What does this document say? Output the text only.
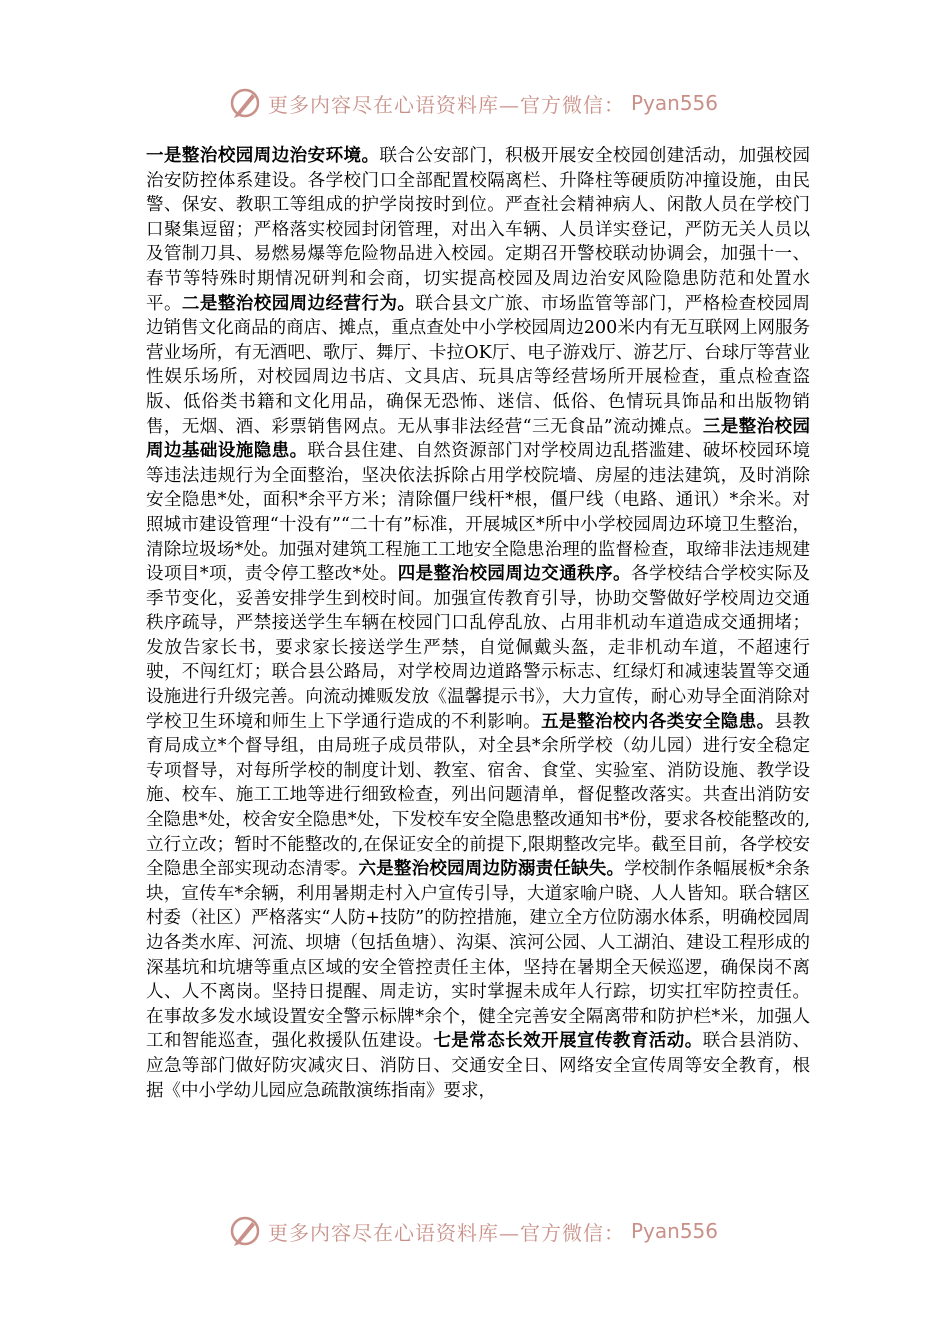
更多内容尽在心语资料库—官方微信： Pyan556

一是整治校园周边治安环境。联合公安部门，积极开展安全校园创建活动，加强校园治安防控体系建设。各学校门口全部配置校隔离栏、升降柱等硬质防冲撞设施，由民警、保安、教职工等组成的护学岗按时到位。严查社会精神病人、闲散人员在学校门口聚集逗留；严格落实校园封闭管理，对出入车辆、人员详实登记，严防无关人员以及管制刀具、易燃易爆等危险物品进入校园。定期召开警校联动协调会，加强十一、春节等特殊时期情况研判和会商，切实提高校园及周边治安风险隐患防范和处置水平。二是整治校园周边经营行为。联合县文广旅、市场监管等部门，严格检查校园周边销售文化商品的商店、摊点，重点查处中小学校园周边200米内有无互联网上网服务营业场所，有无酒吧、歌厅、舞厅、卡拉OK厅、电子游戏厅、游艺厅、台球厅等营业性娱乐场所，对校园周边书店、文具店、玩具店等经营场所开展检查，重点检查盗版、低俗类书籍和文化用品，确保无恐怖、迷信、低俗、色情玩具饰品和出版物销售，无烟、酒、彩票销售网点。无从事非法经营“三无食品”流动摊点。三是整治校园周边基础设施隐患。联合县住建、自然资源部门对学校周边乱搭滥建、破坏校园环境等违法违规行为全面整治，坚决依法拆除占用学校院墙、房屋的违法建筑，及时消除安全隐患*处，面积*余平方米；清除僵尸线杆*根，僵尸线（电路、通讯）*余米。对照城市建设管理“十没有”“二十有”标准，开展城区*所中小学校园周边环境卫生整治，清除垃圾场*处。加强对建筑工程施工工地安全隐患治理的监督检查，取缔非法违规建设项目*项，责令停工整改*处。四是整治校园周边交通秩序。各学校结合学校实际及季节变化，妥善安排学生到校时间。加强宣传教育引导，协助交警做好学校周边交通秩序疏导，严禁接送学生车辆在校园门口乱停乱放、占用非机动车道造成交通拥堵；发放告家长书，要求家长接送学生严禁，自觉佩戴头盔，走非机动车道，不超速行驶，不闯红灯；联合县公路局，对学校周边道路警示标志、红绿灯和减速装置等交通设施进行升级完善。向流动摊贩发放《温馨提示书》，大力宣传，耐心劝导全面消除对学校卫生环境和师生上下学通行造成的不利影响。五是整治校内各类安全隐患。县教育局成立*个督导组，由局班子成员带队，对全县*余所学校（幼儿园）进行安全稳定专项督导，对每所学校的制度计划、教室、宿舍、食堂、实验室、消防设施、教学设施、校车、施工工地等进行细致检查，列出问题清单，督促整改落实。共查出消防安全隐患*处，校舍安全隐患*处，下发校车安全隐患整改通知书*份，要求各校能整改的,立行立改；暂时不能整改的,在保证安全的前提下,限期整改完毕。截至目前，各学校安全隐患全部实现动态清零。六是整治校园周边防溺责任缺失。学校制作条幅展板*余条块，宣传车*余辆，利用暑期走村入户宣传引导，大道家喻户晓、人人皆知。联合辖区村委（社区）严格落实“人防+技防”的防控措施，建立全方位防溺水体系，明确校园周边各类水库、河流、坝塘（包括鱼塘）、沟渠、滨河公园、人工湖泊、建设工程形成的深基坑和坑塘等重点区域的安全管控责任主体，坚持在暑期全天候巡逻，确保岗不离人、人不离岗。坚持日提醒、周走访，实时掌握未成年人行踪，切实扛牢防控责任。在事故多发水域设置安全警示标牌*余个，健全完善安全隔离带和防护栏*米，加强人工和智能巡查，强化救援队伍建设。七是常态长效开展宣传教育活动。联合县消防、应急等部门做好防灾减灾日、消防日、交通安全日、网络安全宣传周等安全教育，根据《中小学幼儿园应急疏散演练指南》要求，

更多内容尽在心语资料库—官方微信： Pyan556
